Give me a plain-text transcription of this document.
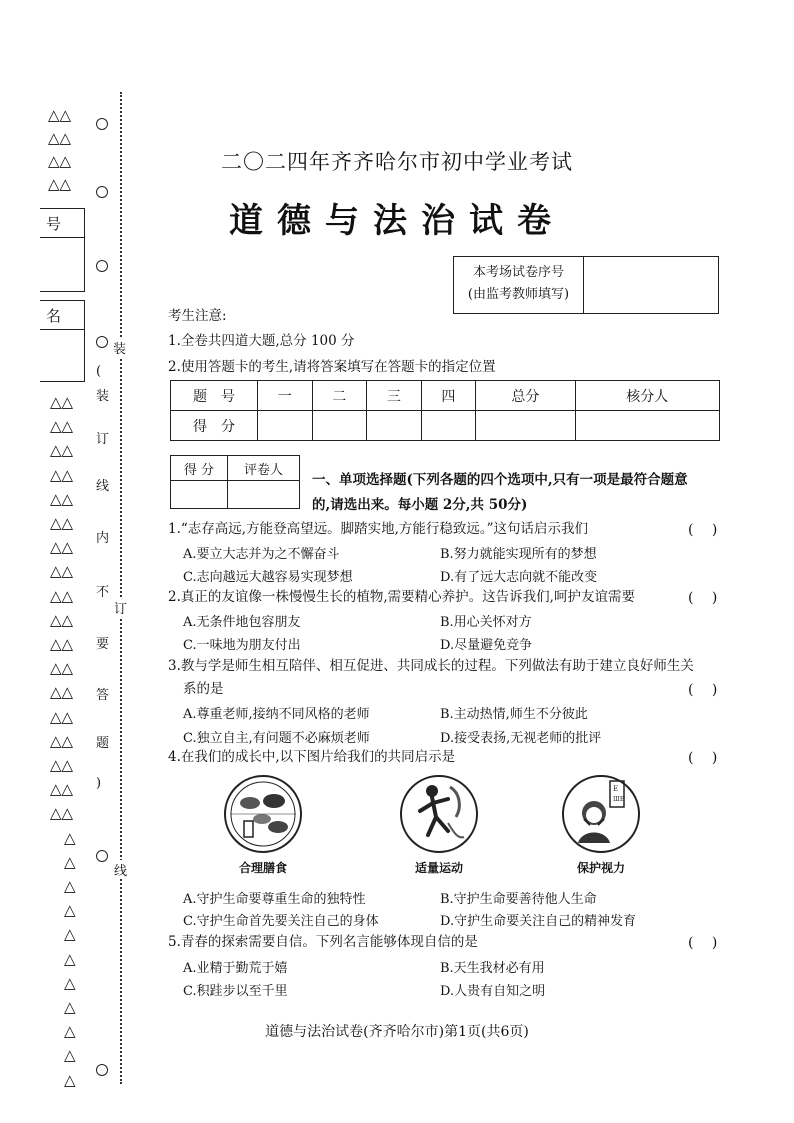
△△
△△
△△
△△
号
名
△△
△△
△△
△△
△△
△△
△△
△△
△△
△△
△△
△△
△△
△△
△△
△△
△△
△△
△
△
△
△
△
△
△
△
△
△
△
装
(
装
订
线
内
不
订
要
答
题
)
线
二〇二四年齐齐哈尔市初中学业考试
道德与法治试卷
本考场试卷序号
(由监考教师填写)
考生注意:
1.全卷共四道大题,总分 100 分
2.使用答题卡的考生,请将答案填写在答题卡的指定位置
题　号	一	二	三	四	总分	核分人
得　分						
得 分	评卷人

一、单项选择题(下列各题的四个选项中,只有一项是最符合题意
的,请选出来。每小题 2分,共 50分)
1.“志存高远,方能登高望远。脚踏实地,方能行稳致远。”这句话启示我们	(　 )
A.要立大志并为之不懈奋斗	B.努力就能实现所有的梦想
C.志向越远大越容易实现梦想	D.有了远大志向就不能改变
2.真正的友谊像一株慢慢生长的植物,需要精心养护。这告诉我们,呵护友谊需要	(　 )
A.无条件地包容朋友	B.用心关怀对方
C.一味地为朋友付出	D.尽量避免竞争
3.教与学是师生相互陪伴、相互促进、共同成长的过程。下列做法有助于建立良好师生关
系的是	(　 )
A.尊重老师,接纳不同风格的老师	B.主动热情,师生不分彼此
C.独立自主,有问题不必麻烦老师	D.接受表扬,无视老师的批评
4.在我们的成长中,以下图片给我们的共同启示是	(　 )
合理膳食	适量运动
E
ШE
保护视力
A.守护生命要尊重生命的独特性	B.守护生命要善待他人生命
C.守护生命首先要关注自己的身体	D.守护生命要关注自己的精神发育
5.青春的探索需要自信。下列名言能够体现自信的是	(　 )
A.业精于勤荒于嬉	B.天生我材必有用
C.积跬步以至千里	D.人贵有自知之明
道德与法治试卷(齐齐哈尔市)第1页(共6页)
